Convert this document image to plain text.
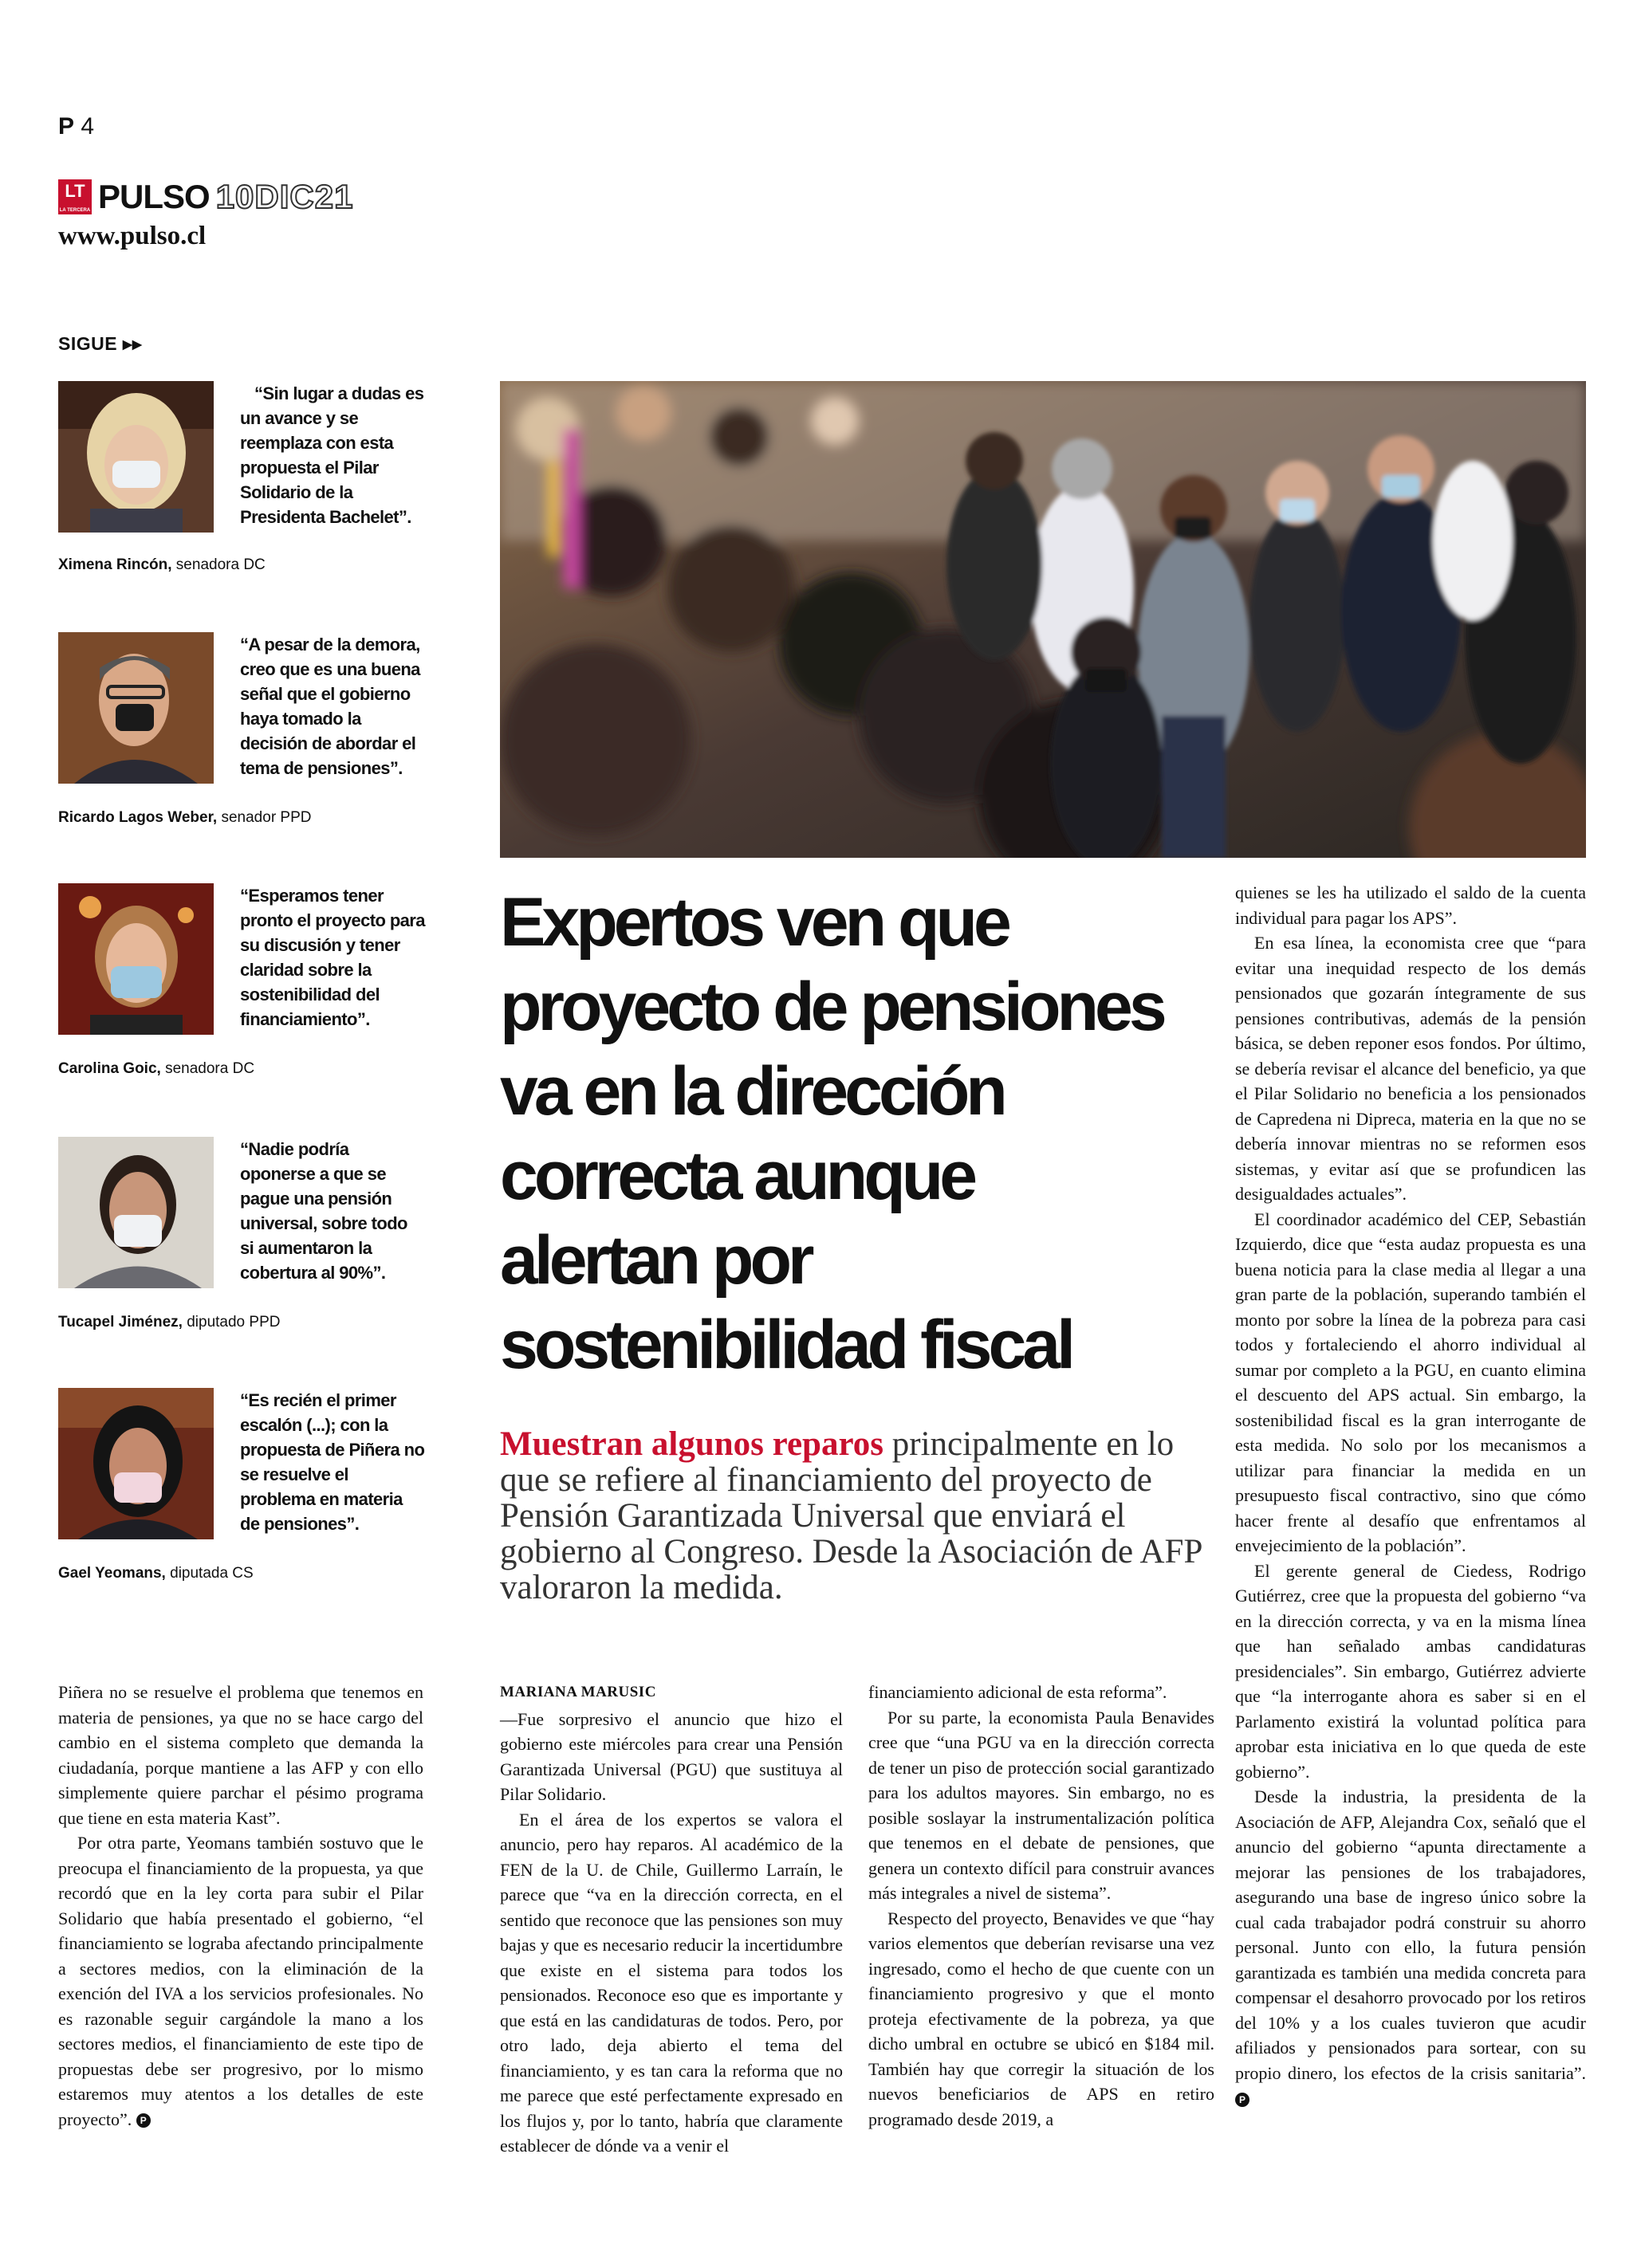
P 4
LT
LA TERCERA PULSO 10DIC21
www.pulso.cl
SIGUE ▸▸
“Sin lugar a dudas es un avance y se reemplaza con esta propuesta el Pilar Solidario de la Presidenta Bachelet”.
Ximena Rincón, senadora DC
“A pesar de la demora, creo que es una buena señal que el gobierno haya tomado la decisión de abordar el tema de pensiones”.
Ricardo Lagos Weber, senador PPD
“Esperamos tener pronto el proyecto para su discusión y tener claridad sobre la sostenibilidad del financiamiento”.
Carolina Goic, senadora DC
“Nadie podría oponerse a que se pague una pensión universal, sobre todo si aumentaron la cobertura al 90%”.
Tucapel Jiménez, diputado PPD
“Es recién el primer escalón (...); con la propuesta de Piñera no se resuelve el problema en materia de pensiones”.
Gael Yeomans, diputada CS
Expertos ven que proyecto de pensiones va en la dirección correcta aunque alertan por sostenibilidad fiscal
Muestran algunos reparos principalmente en lo que se refiere al financiamiento del proyecto de Pensión Garantizada Universal que enviará el gobierno al Congreso. Desde la Asociación de AFP valoraron la medida.

Piñera no se resuelve el problema que tenemos en materia de pensiones, ya que no se hace cargo del cambio en el sistema completo que demanda la ciudadanía, porque mantiene a las AFP y con ello simplemente quiere parchar el pésimo programa que tiene en esta materia Kast”.

Por otra parte, Yeomans también sostuvo que le preocupa el financiamiento de la propuesta, ya que recordó que en la ley corta para subir el Pilar Solidario que había presentado el gobierno, “el financiamiento se lograba afectando principalmente a sectores medios, con la eliminación de la exención del IVA a los servicios profesionales. No es razonable seguir cargándole la mano a los sectores medios, el financiamiento de este tipo de propuestas debe ser progresivo, por lo mismo estaremos muy atentos a los detalles de este proyecto”. P

MARIANA MARUSIC

—Fue sorpresivo el anuncio que hizo el gobierno este miércoles para crear una Pensión Garantizada Universal (PGU) que sustituya al Pilar Solidario.

En el área de los expertos se valora el anuncio, pero hay reparos. Al académico de la FEN de la U. de Chile, Guillermo Larraín, le parece que “va en la dirección correcta, en el sentido que reconoce que las pensiones son muy bajas y que es necesario reducir la incertidumbre que existe en el sistema para todos los pensionados. Reconoce eso que es importante y que está en las candidaturas de todos. Pero, por otro lado, deja abierto el tema del financiamiento, y es tan cara la reforma que no me parece que esté perfectamente expresado en los flujos y, por lo tanto, habría que claramente establecer de dónde va a venir el

financiamiento adicional de esta reforma”.

Por su parte, la economista Paula Benavides cree que “una PGU va en la dirección correcta de tener un piso de protección social garantizado para los adultos mayores. Sin embargo, no es posible soslayar la instrumentalización política que tenemos en el debate de pensiones, que genera un contexto difícil para construir avances más integrales a nivel de sistema”.

Respecto del proyecto, Benavides ve que “hay varios elementos que deberían revisarse una vez ingresado, como el hecho de que cuente con un financiamiento progresivo y que el monto proteja efectivamente de la pobreza, ya que dicho umbral en octubre se ubicó en $184 mil. También hay que corregir la situación de los nuevos beneficiarios de APS en retiro programado desde 2019, a

quienes se les ha utilizado el saldo de la cuenta individual para pagar los APS”.

En esa línea, la economista cree que “para evitar una inequidad respecto de los demás pensionados que gozarán íntegramente de sus pensiones contributivas, además de la pensión básica, se deben reponer esos fondos. Por último, se debería revisar el alcance del beneficio, ya que el Pilar Solidario no beneficia a los pensionados de Capredena ni Dipreca, materia en la que no se debería innovar mientras no se reformen esos sistemas, y evitar así que se profundicen las desigualdades actuales”.

El coordinador académico del CEP, Sebastián Izquierdo, dice que “esta audaz propuesta es una buena noticia para la clase media al llegar a una gran parte de la población, superando también el monto por sobre la línea de la pobreza para casi todos y fortaleciendo el ahorro individual al sumar por completo a la PGU, en cuanto elimina el descuento del APS actual. Sin embargo, la sostenibilidad fiscal es la gran interrogante de esta medida. No solo por los mecanismos a utilizar para financiar la medida en un presupuesto fiscal contractivo, sino que cómo hacer frente al desafío que enfrentamos al envejecimiento de la población”.

El gerente general de Ciedess, Rodrigo Gutiérrez, cree que la propuesta del gobierno “va en la dirección correcta, y va en la misma línea que han señalado ambas candidaturas presidenciales”. Sin embargo, Gutiérrez advierte que “la interrogante ahora es saber si en el Parlamento existirá la voluntad política para aprobar esta iniciativa en lo que queda de este gobierno”.

Desde la industria, la presidenta de la Asociación de AFP, Alejandra Cox, señaló que el anuncio del gobierno “apunta directamente a mejorar las pensiones de los trabajadores, asegurando una base de ingreso único sobre la cual cada trabajador podrá construir su ahorro personal. Junto con ello, la futura pensión garantizada es también una medida concreta para compensar el desahorro provocado por los retiros del 10% y a los cuales tuvieron que acudir afiliados y pensionados para sortear, con su propio dinero, los efectos de la crisis sanitaria”. P
